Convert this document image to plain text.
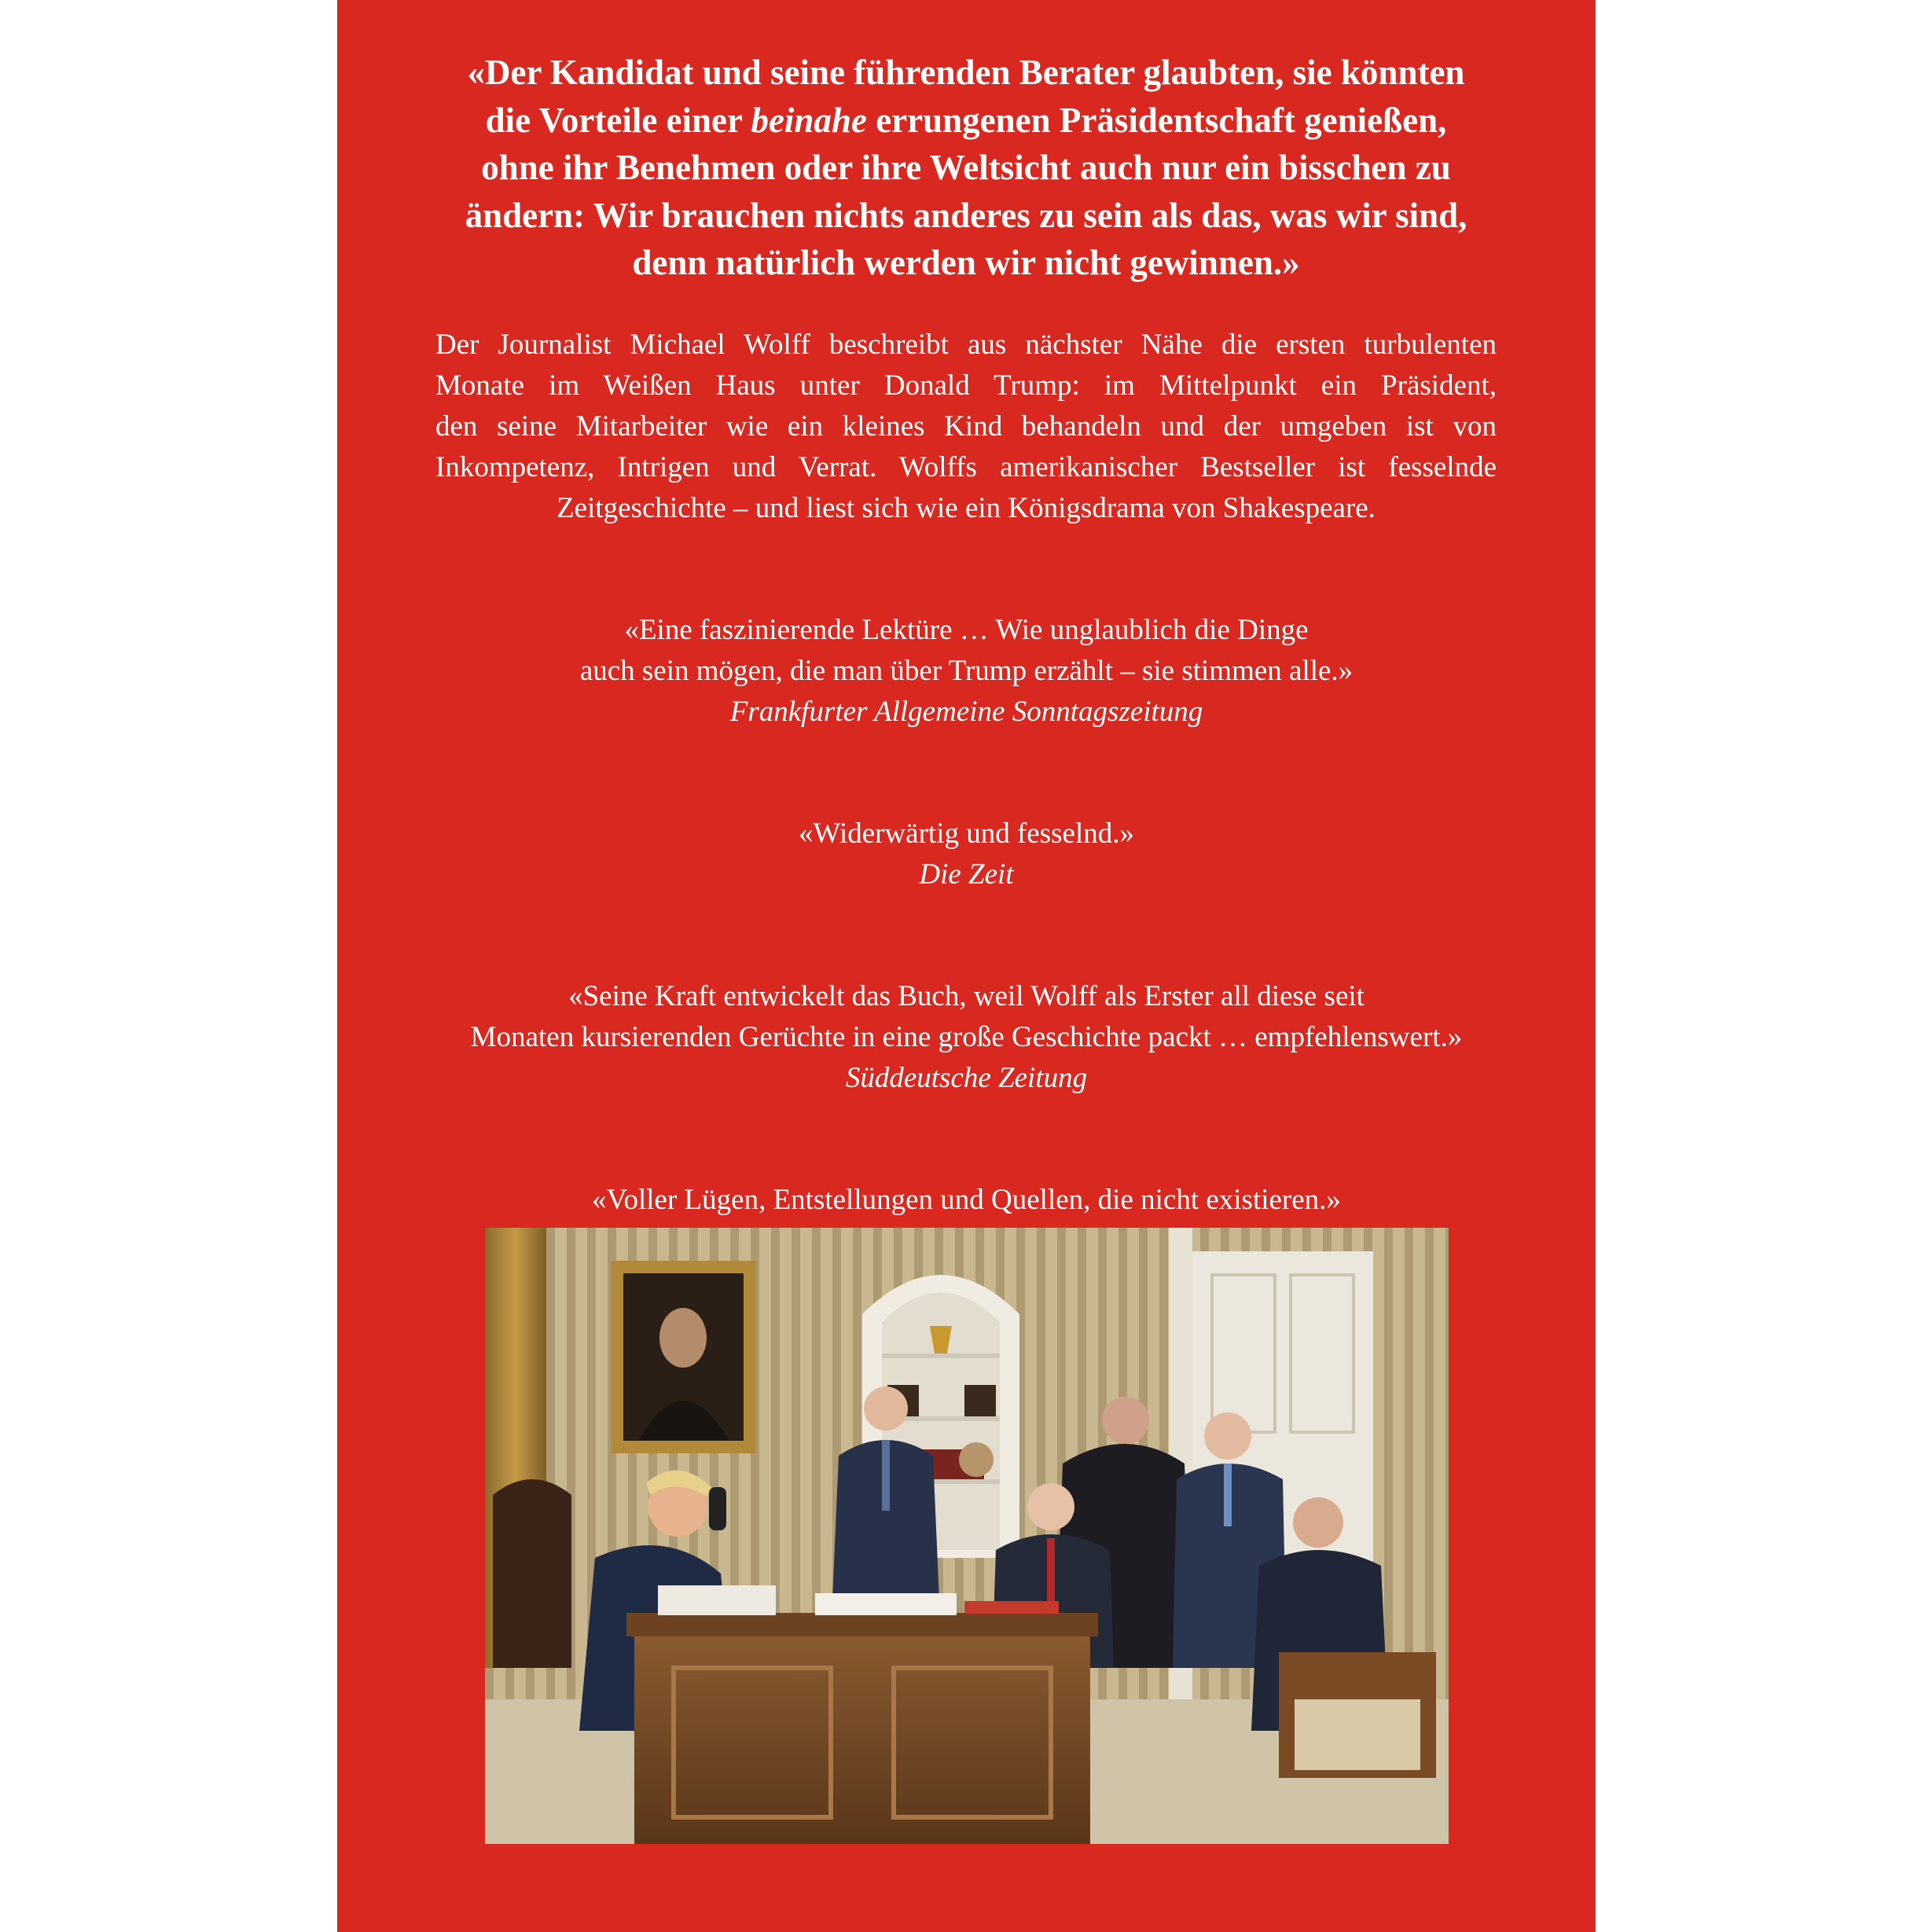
«Der Kandidat und seine führenden Berater glaubten, sie könnten

die Vorteile einer beinahe errungenen Präsidentschaft genießen,

ohne ihr Benehmen oder ihre Weltsicht auch nur ein bisschen zu

ändern: Wir brauchen nichts anderes zu sein als das, was wir sind,

denn natürlich werden wir nicht gewinnen.»

Der Journalist Michael Wolff beschreibt aus nächster Nähe die ersten turbulenten
Monate im Weißen Haus unter Donald Trump: im Mittelpunkt ein Präsident,
den seine Mitarbeiter wie ein kleines Kind behandeln und der umgeben ist von
Inkompetenz, Intrigen und Verrat. Wolffs amerikanischer Bestseller ist fesselnde
Zeitgeschichte – und liest sich wie ein Königsdrama von Shakespeare.
«Eine faszinierende Lektüre … Wie unglaublich die Dinge
auch sein mögen, die man über Trump erzählt – sie stimmen alle.»
Frankfurter Allgemeine Sonntagszeitung
«Widerwärtig und fesselnd.»
Die Zeit
«Seine Kraft entwickelt das Buch, weil Wolff als Erster all diese seit
Monaten kursierenden Gerüchte in eine große Geschichte packt … empfehlenswert.»
Süddeutsche Zeitung
«Voller Lügen, Entstellungen und Quellen, die nicht existieren.»
